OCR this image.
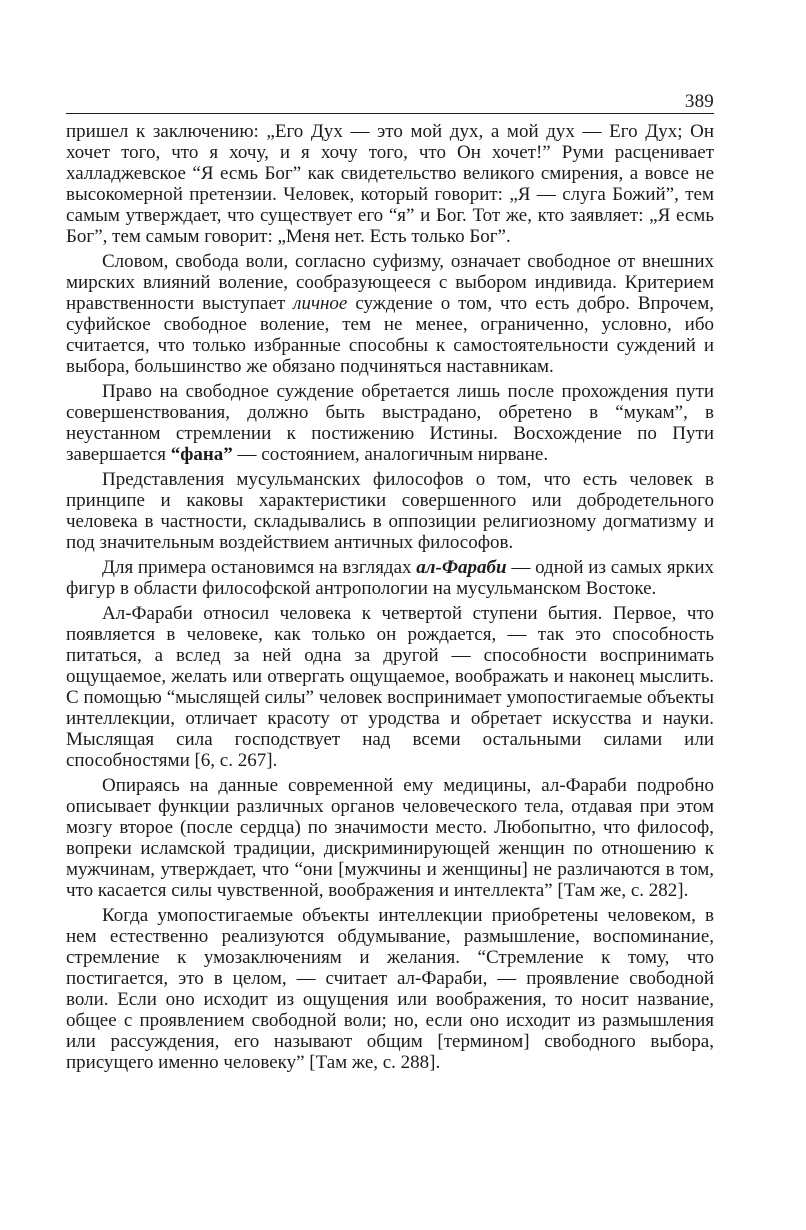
389

пришел к заключению: „Его Дух — это мой дух, а мой дух — Его Дух; Он хочет того, что я хочу, и я хочу того, что Он хочет!” Руми расценивает халладжевское “Я есмь Бог” как свидетельство великого смирения, а вовсе не высокомерной претензии. Человек, который говорит: „Я — слуга Божий”, тем самым утверждает, что существует его “я” и Бог. Тот же, кто заявляет: „Я есмь Бог”, тем самым говорит: „Меня нет. Есть только Бог”.

Словом, свобода воли, согласно суфизму, означает свободное от внешних мирских влияний воление, сообразующееся с выбором индивида. Критерием нравственности выступает личное суждение о том, что есть добро. Впрочем, суфийское свободное воление, тем не менее, ограниченно, условно, ибо считается, что только избранные способны к самостоятельности суждений и выбора, большинство же обязано подчиняться наставникам.

Право на свободное суждение обретается лишь после прохождения пути совершенствования, должно быть выстрадано, обретено в “мукам”, в неустанном стремлении к постижению Истины. Восхождение по Пути завершается “фана” — состоянием, аналогичным нирване.

Представления мусульманских философов о том, что есть человек в принципе и каковы характеристики совершенного или добродетельного человека в частности, складывались в оппозиции религиозному догматизму и под значительным воздействием античных философов.

Для примера остановимся на взглядах ал-Фараби — одной из самых ярких фигур в области философской антропологии на мусульманском Востоке.

Ал-Фараби относил человека к четвертой ступени бытия. Первое, что появляется в человеке, как только он рождается, — так это способность питаться, а вслед за ней одна за другой — способности воспринимать ощущаемое, желать или отвергать ощущаемое, воображать и наконец мыслить. С помощью “мыслящей силы” человек воспринимает умопостигаемые объекты интеллекции, отличает красоту от уродства и обретает искусства и науки. Мыслящая сила господствует над всеми остальными силами или способностями [6, с. 267].

Опираясь на данные современной ему медицины, ал-Фараби подробно описывает функции различных органов человеческого тела, отдавая при этом мозгу второе (после сердца) по значимости место. Любопытно, что философ, вопреки исламской традиции, дискриминирующей женщин по отношению к мужчинам, утверждает, что “они [мужчины и женщины] не различаются в том, что касается силы чувственной, воображения и интеллекта” [Там же, с. 282].

Когда умопостигаемые объекты интеллекции приобретены человеком, в нем естественно реализуются обдумывание, размышление, воспоминание, стремление к умозаключениям и желания. “Стремление к тому, что постигается, это в целом, — считает ал-Фараби, — проявление свободной воли. Если оно исходит из ощущения или воображения, то носит название, общее с проявлением свободной воли; но, если оно исходит из размышления или рассуждения, его называют общим [термином] свободного выбора, присущего именно человеку” [Там же, с. 288].
